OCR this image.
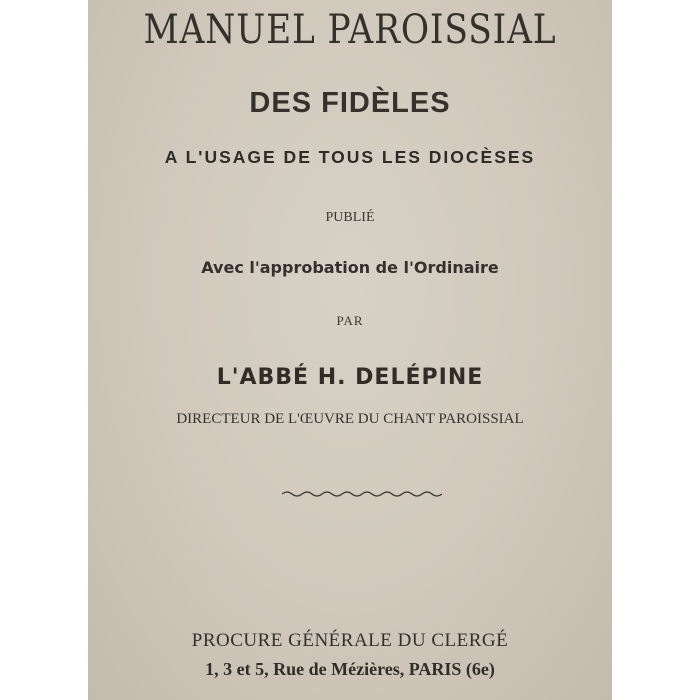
MANUEL PAROISSIAL
DES FIDÈLES
A L'USAGE DE TOUS LES DIOCÈSES
PUBLIÉ
Avec l'approbation de l'Ordinaire
PAR
L'ABBÉ H. DELÉPINE
DIRECTEUR DE L'ŒUVRE DU CHANT PAROISSIAL
PROCURE GÉNÉRALE DU CLERGÉ
1, 3 et 5, Rue de Mézières, PARIS (6e)
